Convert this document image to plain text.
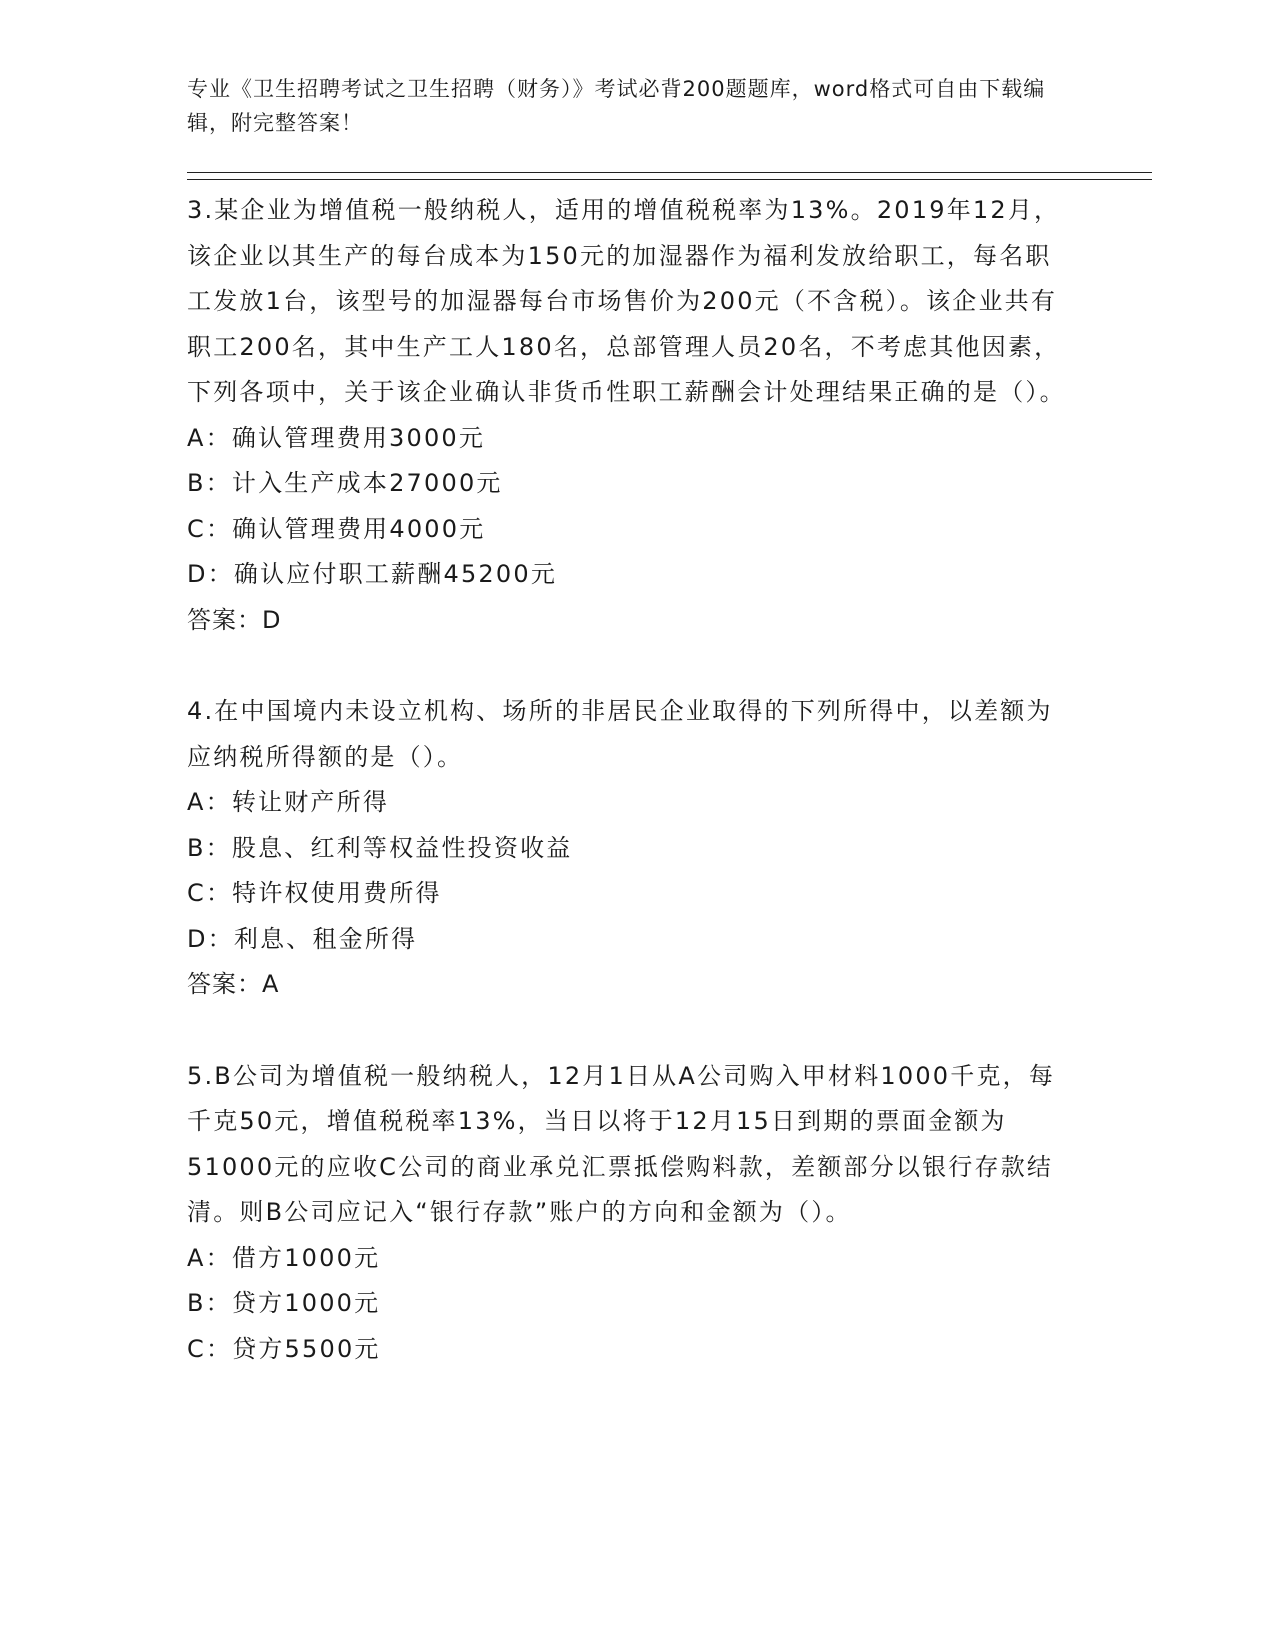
专业《卫生招聘考试之卫生招聘（财务）》考试必背200题题库，word格式可自由下载编辑，附完整答案！

3.某企业为增值税一般纳税人，适用的增值税税率为13%。2019年12月，该企业以其生产的每台成本为150元的加湿器作为福利发放给职工，每名职工发放1台，该型号的加湿器每台市场售价为200元（不含税）。该企业共有职工200名，其中生产工人180名，总部管理人员20名，不考虑其他因素，下列各项中，关于该企业确认非货币性职工薪酬会计处理结果正确的是（）。

A：确认管理费用3000元

B：计入生产成本27000元

C：确认管理费用4000元

D：确认应付职工薪酬45200元

答案：D

4.在中国境内未设立机构、场所的非居民企业取得的下列所得中，以差额为应纳税所得额的是（）。

A：转让财产所得

B：股息、红利等权益性投资收益

C：特许权使用费所得

D：利息、租金所得

答案：A

5.B公司为增值税一般纳税人，12月1日从A公司购入甲材料1000千克，每千克50元，增值税税率13%，当日以将于12月15日到期的票面金额为51000元的应收C公司的商业承兑汇票抵偿购料款，差额部分以银行存款结清。则B公司应记入“银行存款”账户的方向和金额为（）。

A：借方1000元

B：贷方1000元

C：贷方5500元
